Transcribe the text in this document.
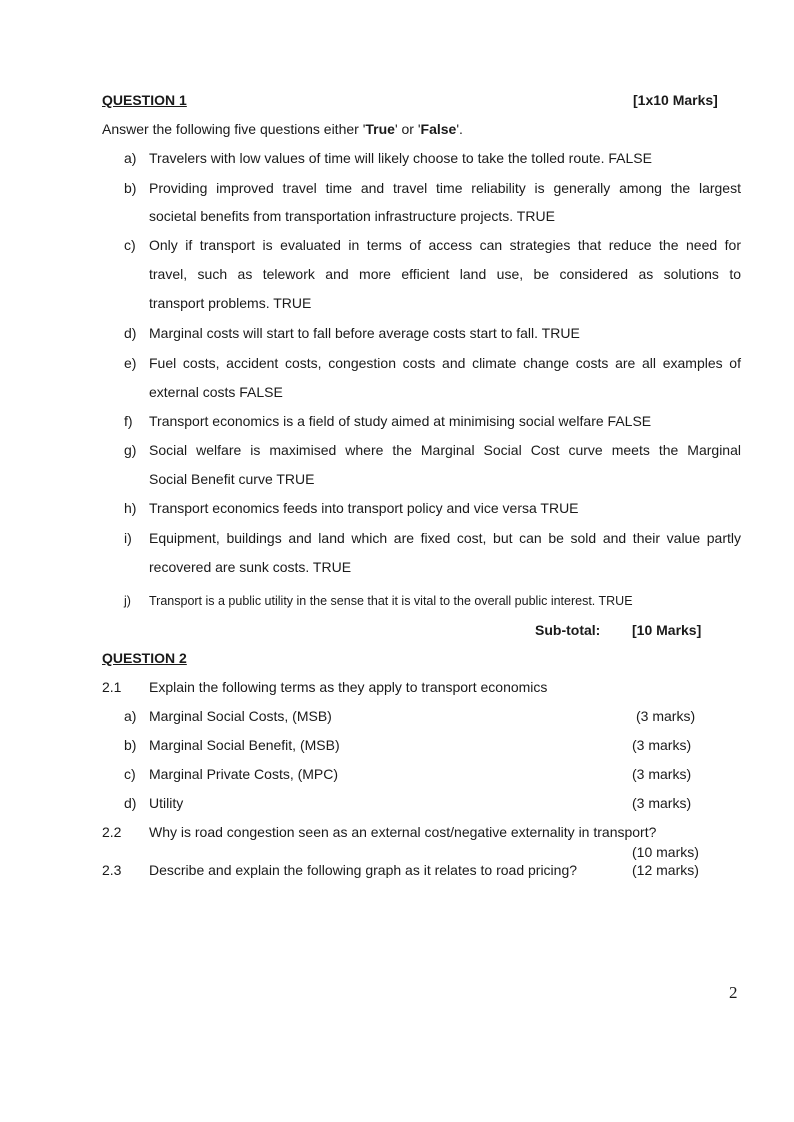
QUESTION 1	[1x10 Marks]
Answer the following five questions either 'True' or 'False'.
a) Travelers with low values of time will likely choose to take the tolled route. FALSE
b) Providing improved travel time and travel time reliability is generally among the largest
societal benefits from transportation infrastructure projects. TRUE
c) Only if transport is evaluated in terms of access can strategies that reduce the need for
travel, such as telework and more efficient land use, be considered as solutions to
transport problems. TRUE
d) Marginal costs will start to fall before average costs start to fall. TRUE
e) Fuel costs, accident costs, congestion costs and climate change costs are all examples of
external costs FALSE
f) Transport economics is a field of study aimed at minimising social welfare FALSE
g) Social welfare is maximised where the Marginal Social Cost curve meets the Marginal
Social Benefit curve TRUE
h) Transport economics feeds into transport policy and vice versa TRUE
i) Equipment, buildings and land which are fixed cost, but can be sold and their value partly
recovered are sunk costs. TRUE
j) Transport is a public utility in the sense that it is vital to the overall public interest. TRUE
Sub-total: [10 Marks]
QUESTION 2
2.1 Explain the following terms as they apply to transport economics
a) Marginal Social Costs, (MSB)	(3 marks)
b) Marginal Social Benefit, (MSB)	(3 marks)
c) Marginal Private Costs, (MPC)	(3 marks)
d) Utility	(3 marks)
2.2 Why is road congestion seen as an external cost/negative externality in transport?
(10 marks)
2.3 Describe and explain the following graph as it relates to road pricing?	(12 marks)
2
